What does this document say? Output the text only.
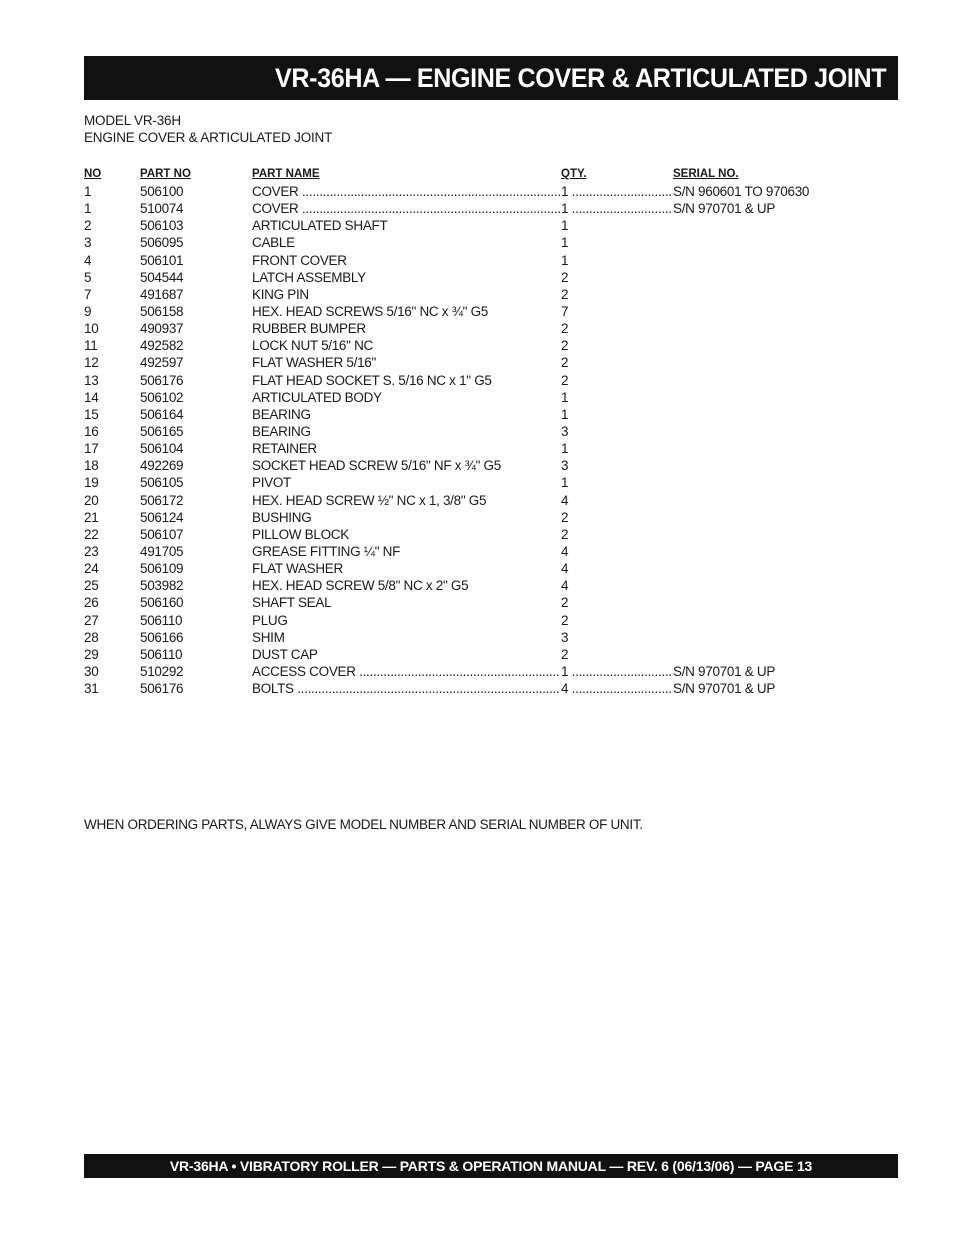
VR-36HA — ENGINE COVER & ARTICULATED JOINT
MODEL VR-36H
ENGINE COVER & ARTICULATED JOINT
NO	PART NO	PART NAME	QTY.	SERIAL NO.
1	506100	COVER .....	1 .....	S/N 960601 TO 970630
1	510074	COVER .....	1 .....	S/N 970701 & UP
2	506103	ARTICULATED SHAFT	1
3	506095	CABLE	1
4	506101	FRONT COVER	1
5	504544	LATCH ASSEMBLY	2
7	491687	KING PIN	2
9	506158	HEX. HEAD SCREWS 5/16" NC x ¾" G5	7
10	490937	RUBBER BUMPER	2
11	492582	LOCK NUT 5/16" NC	2
12	492597	FLAT WASHER 5/16"	2
13	506176	FLAT HEAD SOCKET S. 5/16 NC x 1" G5	2
14	506102	ARTICULATED BODY	1
15	506164	BEARING	1
16	506165	BEARING	3
17	506104	RETAINER	1
18	492269	SOCKET HEAD SCREW 5/16" NF x ¾" G5	3
19	506105	PIVOT	1
20	506172	HEX. HEAD SCREW ½" NC x 1, 3/8" G5	4
21	506124	BUSHING	2
22	506107	PILLOW BLOCK	2
23	491705	GREASE FITTING ¼" NF	4
24	506109	FLAT WASHER	4
25	503982	HEX. HEAD SCREW 5/8" NC x 2" G5	4
26	506160	SHAFT SEAL	2
27	506110	PLUG	2
28	506166	SHIM	3
29	506110	DUST CAP	2
30	510292	ACCESS COVER .....	1 .....	S/N 970701 & UP
31	506176	BOLTS .....	4 .....	S/N 970701 & UP
WHEN ORDERING PARTS, ALWAYS GIVE MODEL NUMBER AND SERIAL NUMBER OF UNIT.
VR-36HA • VIBRATORY ROLLER — PARTS & OPERATION MANUAL — REV. 6 (06/13/06) — PAGE 13
